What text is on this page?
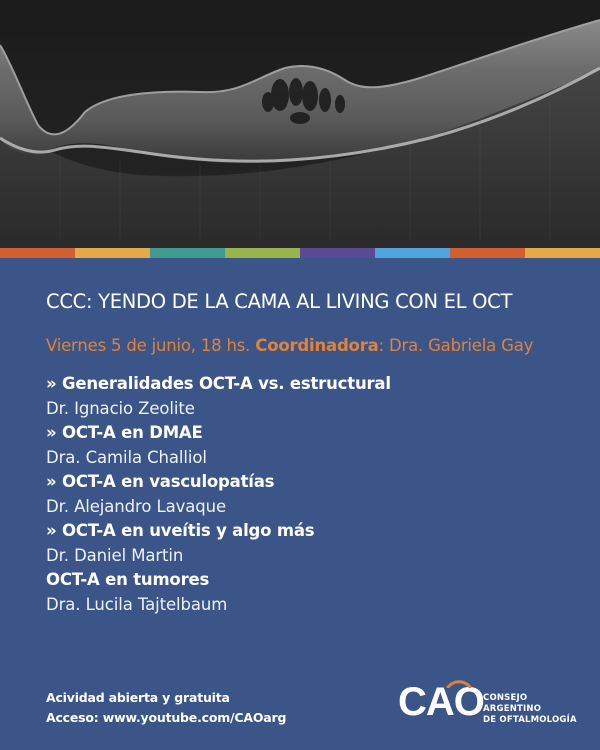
CCC: YENDO DE LA CAMA AL LIVING CON EL OCT
Viernes 5 de junio, 18 hs. Coordinadora: Dra. Gabriela Gay
» Generalidades OCT-A vs. estructural
Dr. Ignacio Zeolite
» OCT-A en DMAE
Dra. Camila Challiol
» OCT-A en vasculopatías
Dr. Alejandro Lavaque
» OCT-A en uveítis y algo más
Dr. Daniel Martin
OCT-A en tumores
Dra. Lucila Tajtelbaum
Acividad abierta y gratuita
Acceso: www.youtube.com/CAOarg	CAO CONSEJO ARGENTINO
DE OFTALMOLOGÍA
